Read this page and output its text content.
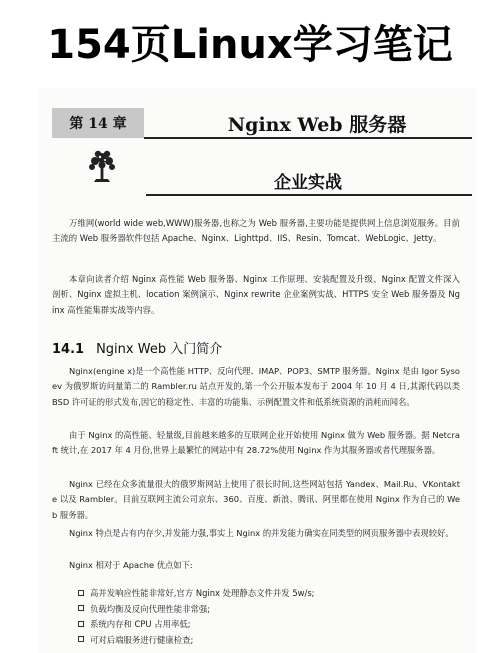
154页Linux学习笔记
第 14 章	Nginx Web 服务器
企业实战

万维网(world wide web,WWW)服务器,也称之为 Web 服务器,主要功能是提供网上信息浏览服务。目前主流的 Web 服务器软件包括 Apache、Nginx、Lighttpd、IIS、Resin、Tomcat、WebLogic、Jetty。

本章向读者介绍 Nginx 高性能 Web 服务器、Nginx 工作原理、安装配置及升级、Nginx 配置文件深入剖析、Nginx 虚拟主机、location 案例演示、Nginx rewrite 企业案例实战、HTTPS 安全 Web 服务器及 Nginx 高性能集群实战等内容。

14.1 Nginx Web 入门简介

Nginx(engine x)是一个高性能 HTTP、反向代理、IMAP、POP3、SMTP 服务器。Nginx 是由 Igor Sysoev 为俄罗斯访问量第二的 Rambler.ru 站点开发的,第一个公开版本发布于 2004 年 10 月 4 日,其源代码以类 BSD 许可证的形式发布,因它的稳定性、丰富的功能集、示例配置文件和低系统资源的消耗而闻名。

由于 Nginx 的高性能、轻量级,目前越来越多的互联网企业开始使用 Nginx 做为 Web 服务器。据 Netcraft 统计,在 2017 年 4 月份,世界上最繁忙的网站中有 28.72%使用 Nginx 作为其服务器或者代理服务器。

Nginx 已经在众多流量很大的俄罗斯网站上使用了很长时间,这些网站包括 Yandex、Mail.Ru、VKontakte 以及 Rambler。目前互联网主流公司京东、360、百度、新浪、腾讯、阿里都在使用 Nginx 作为自己的 Web 服务器。

Nginx 特点是占有内存少,并发能力强,事实上 Nginx 的并发能力确实在同类型的网页服务器中表现较好。

Nginx 相对于 Apache 优点如下:

高并发响应性能非常好,官方 Nginx 处理静态文件并发 5w/s;
负载均衡及反向代理性能非常强;
系统内存和 CPU 占用率低;
可对后端服务进行健康检查;
